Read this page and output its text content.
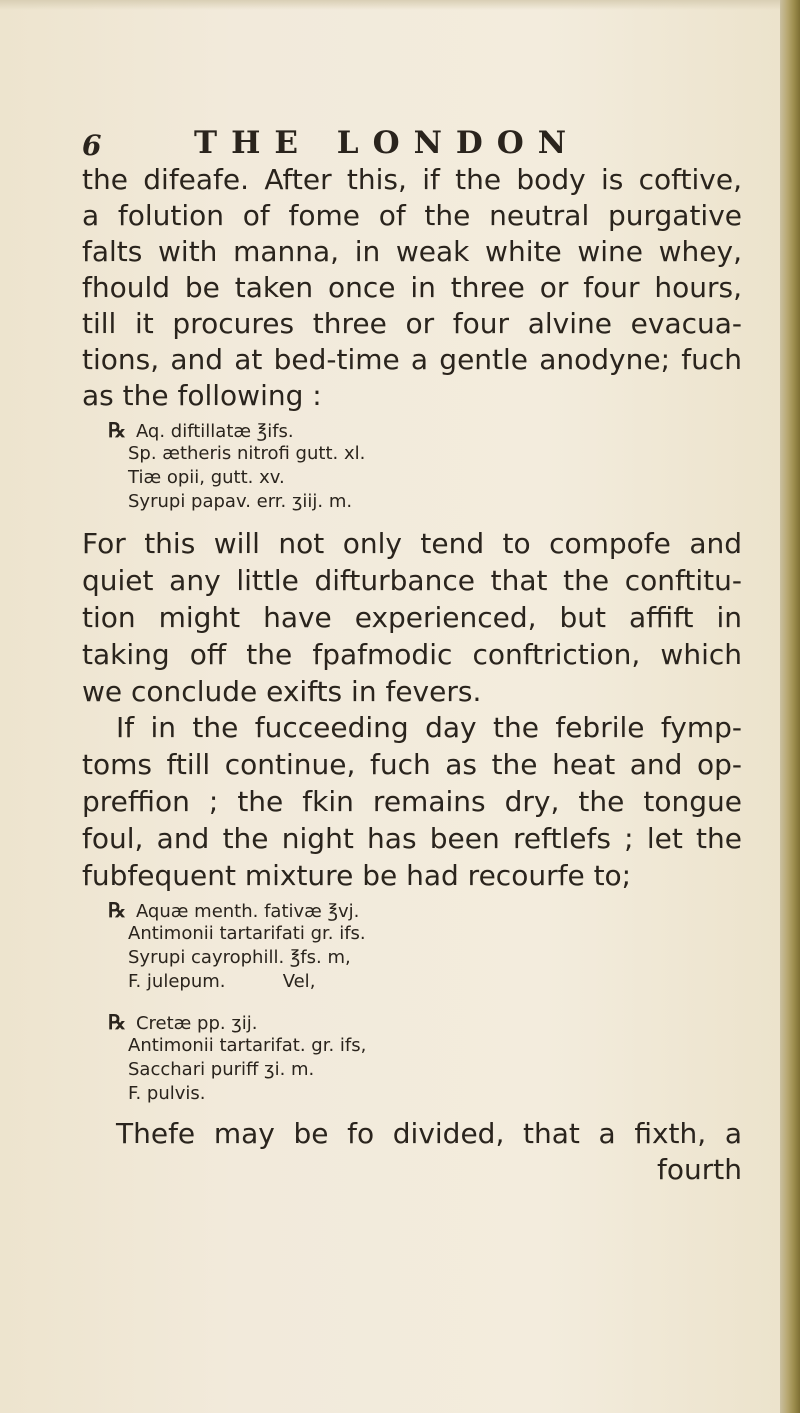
6	THE LONDON

the difeafe. After this, if the body is coftive,

a folution of fome of the neutral purgative

falts with manna, in weak white wine whey,

fhould be taken once in three or four hours,

till it procures three or four alvine evacua-

tions, and at bed-time a gentle anodyne; fuch

as the following :

℞ Aq. diftillatæ ℥ifs.

Sp. ætheris nitrofi gutt. xl.

Tiæ opii, gutt. xv.

Syrupi papav. err. ʒiij. m.

For this will not only tend to compofe and

quiet any little difturbance that the conftitu-

tion might have experienced, but affift in

taking off the fpafmodic conftriction, which

we conclude exifts in fevers.

If in the fucceeding day the febrile fymp-

toms ftill continue, fuch as the heat and op-

preffion ; the fkin remains dry, the tongue

foul, and the night has been reftlefs ; let the

fubfequent mixture be had recourfe to;

℞ Aquæ menth. fativæ ℥vj.

Antimonii tartarifati gr. ifs.

Syrupi cayrophill. ℥fs. m,

F. julepum.          Vel,

℞ Cretæ pp. ʒij.

Antimonii tartarifat. gr. ifs,

Sacchari puriff ʒi. m.

F. pulvis.

Thefe may be fo divided, that a fixth, a

fourth
